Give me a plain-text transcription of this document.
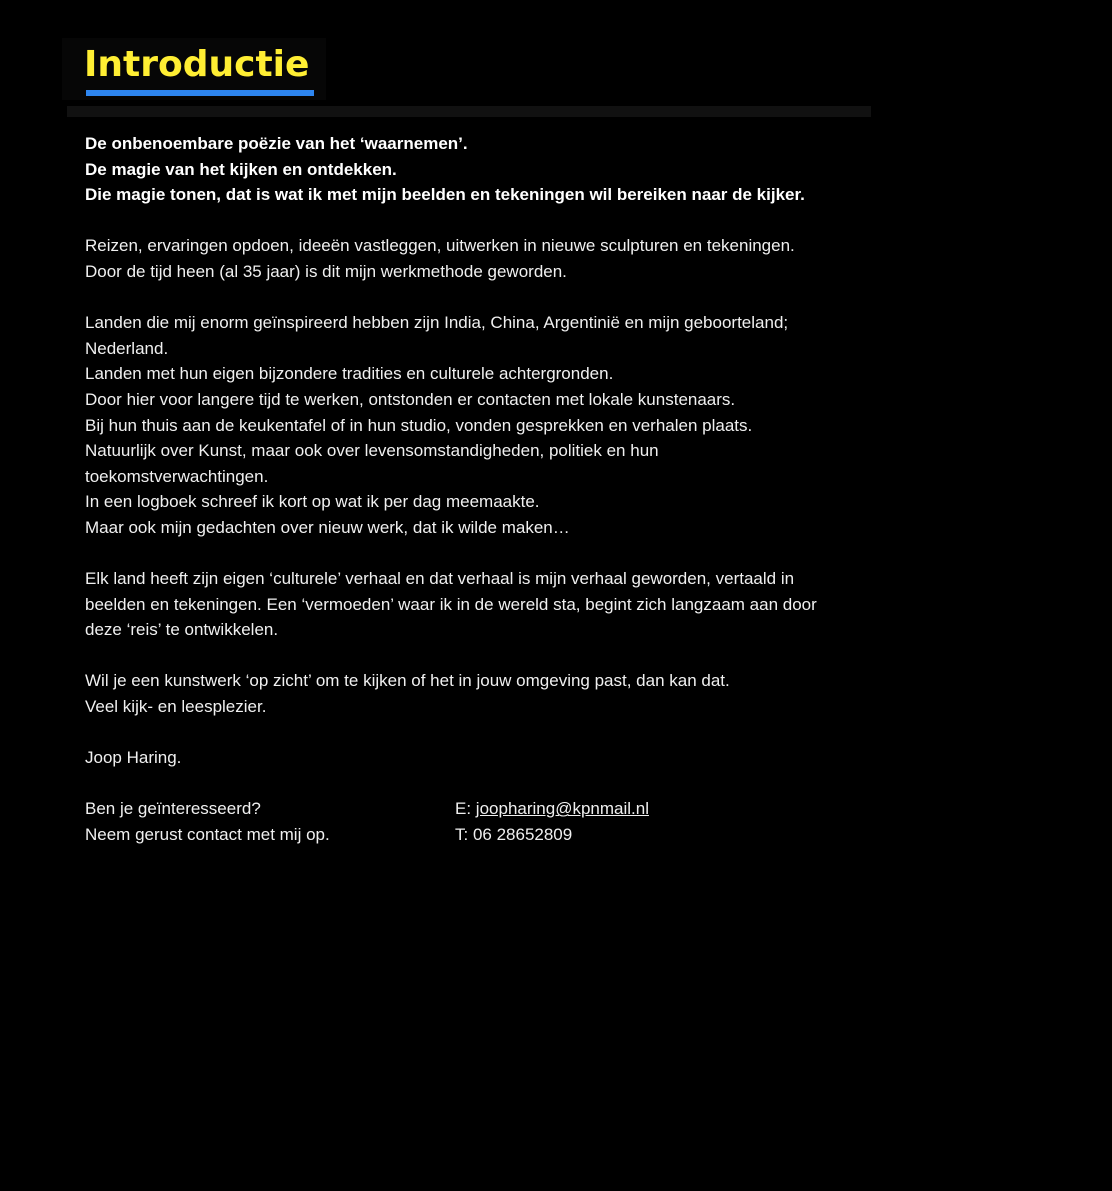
Introductie

De onbenoembare poëzie van het ‘waarnemen’.

De magie van het kijken en ontdekken.

Die magie tonen, dat is wat ik met mijn beelden en tekeningen wil bereiken naar de kijker.

Reizen, ervaringen opdoen, ideeën vastleggen, uitwerken in nieuwe sculpturen en tekeningen.

Door de tijd heen (al 35 jaar) is dit mijn werkmethode geworden.

Landen die mij enorm geïnspireerd hebben zijn India, China, Argentinië en mijn geboorteland;

Nederland.

Landen met hun eigen bijzondere tradities en culturele achtergronden.

Door hier voor langere tijd te werken, ontstonden er contacten met lokale kunstenaars.

Bij hun thuis aan de keukentafel of in hun studio, vonden gesprekken en verhalen plaats.

Natuurlijk over Kunst, maar ook over levensomstandigheden, politiek en hun

toekomstverwachtingen.

In een logboek schreef ik kort op wat ik per dag meemaakte.

Maar ook mijn gedachten over nieuw werk, dat ik wilde maken…

Elk land heeft zijn eigen ‘culturele’ verhaal en dat verhaal is mijn verhaal geworden, vertaald in

beelden en tekeningen. Een ‘vermoeden’ waar ik in de wereld sta, begint zich langzaam aan door

deze ‘reis’ te ontwikkelen.

Wil je een kunstwerk ‘op zicht’ om te kijken of het in jouw omgeving past, dan kan dat.

Veel kijk- en leesplezier.

Joop Haring.

Ben je geïnteresseerd?	E: joopharing@kpnmail.nl
Neem gerust contact met mij op.	T: 06 28652809
